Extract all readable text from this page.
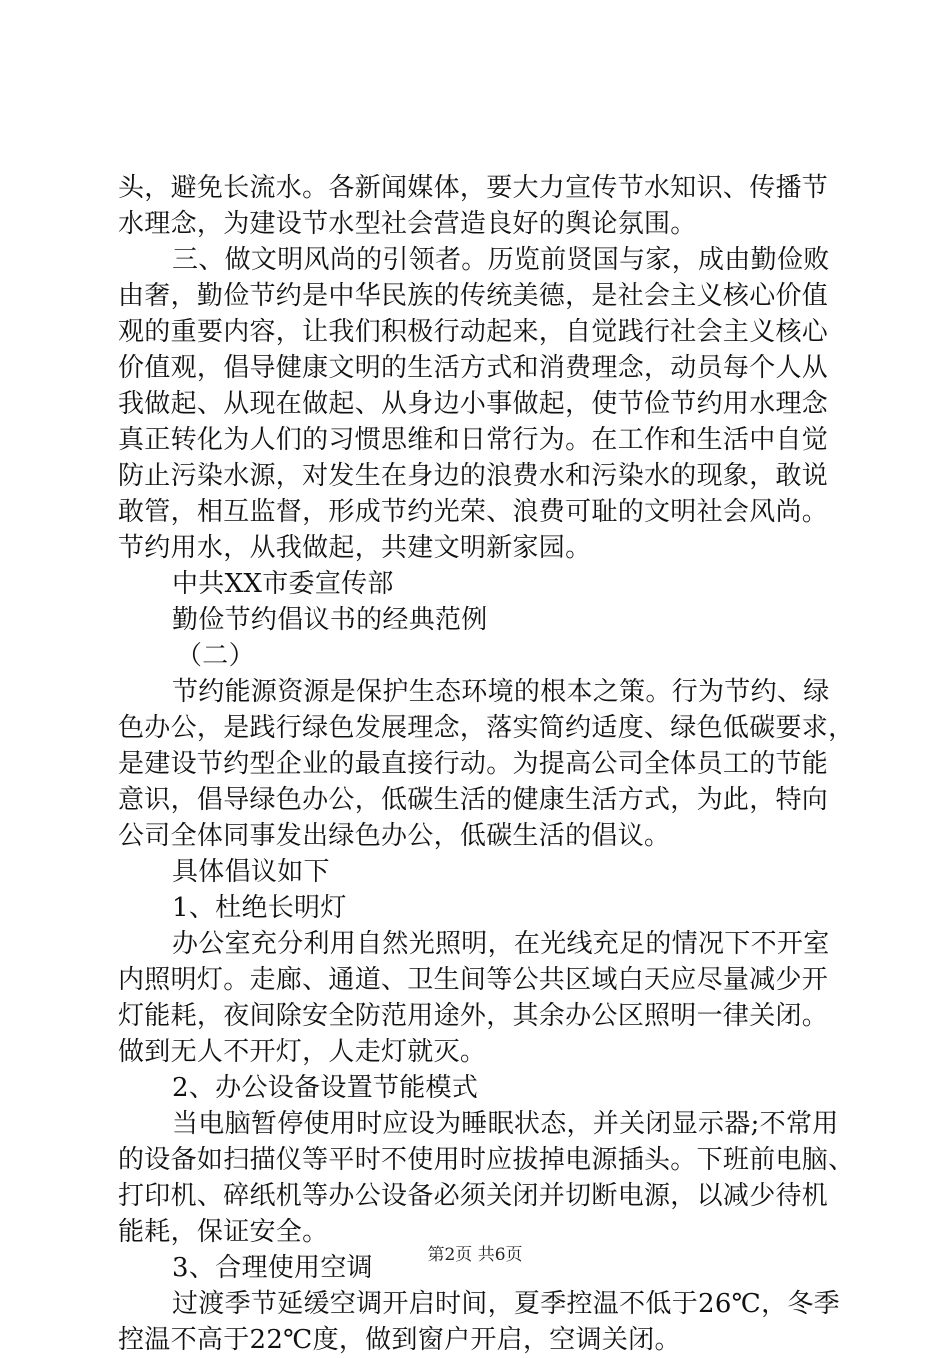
头，避免长流水。各新闻媒体，要大力宣传节水知识、传播节
水理念，为建设节水型社会营造良好的舆论氛围。
三、做文明风尚的引领者。历览前贤国与家，成由勤俭败
由奢，勤俭节约是中华民族的传统美德，是社会主义核心价值
观的重要内容，让我们积极行动起来，自觉践行社会主义核心
价值观，倡导健康文明的生活方式和消费理念，动员每个人从
我做起、从现在做起、从身边小事做起，使节俭节约用水理念
真正转化为人们的习惯思维和日常行为。在工作和生活中自觉
防止污染水源，对发生在身边的浪费水和污染水的现象，敢说
敢管，相互监督，形成节约光荣、浪费可耻的文明社会风尚。
节约用水，从我做起，共建文明新家园。
中共XX市委宣传部
勤俭节约倡议书的经典范例
（二）
节约能源资源是保护生态环境的根本之策。行为节约、绿
色办公，是践行绿色发展理念，落实简约适度、绿色低碳要求，
是建设节约型企业的最直接行动。为提高公司全体员工的节能
意识，倡导绿色办公，低碳生活的健康生活方式，为此，特向
公司全体同事发出绿色办公，低碳生活的倡议。
具体倡议如下
1、杜绝长明灯
办公室充分利用自然光照明，在光线充足的情况下不开室
内照明灯。走廊、通道、卫生间等公共区域白天应尽量减少开
灯能耗，夜间除安全防范用途外，其余办公区照明一律关闭。
做到无人不开灯，人走灯就灭。
2、办公设备设置节能模式
当电脑暂停使用时应设为睡眠状态，并关闭显示器;不常用
的设备如扫描仪等平时不使用时应拔掉电源插头。下班前电脑、
打印机、碎纸机等办公设备必须关闭并切断电源，以减少待机
能耗，保证安全。
3、合理使用空调
过渡季节延缓空调开启时间，夏季控温不低于26℃，冬季
控温不高于22℃度，做到窗户开启，空调关闭。
第2页 共6页
